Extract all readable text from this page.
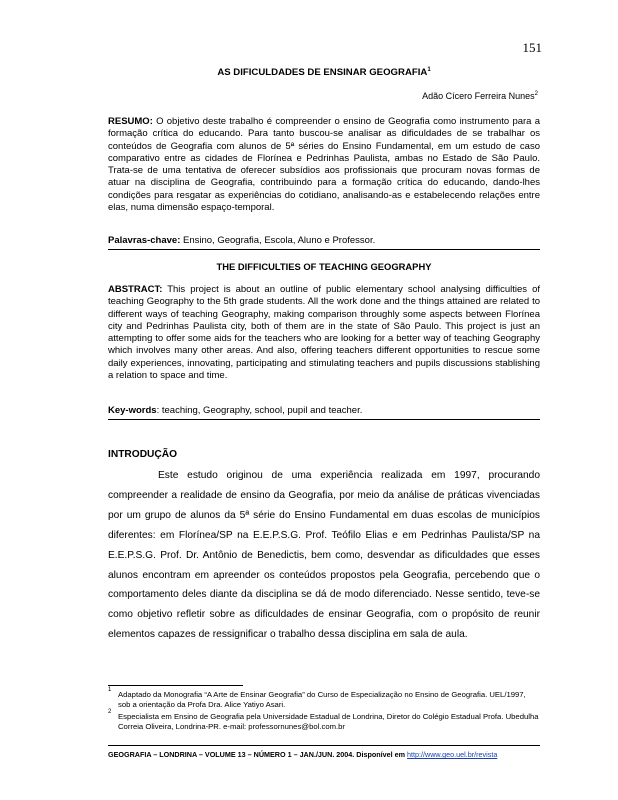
151
AS DIFICULDADES DE ENSINAR GEOGRAFIA$^1$
Adão Cícero Ferreira Nunes$^2$
RESUMO: O objetivo deste trabalho é compreender o ensino de Geografia como instrumento para a formação crítica do educando. Para tanto buscou-se analisar as dificuldades de se trabalhar os conteúdos de Geografia com alunos de 5ª séries do Ensino Fundamental, em um estudo de caso comparativo entre as cidades de Florínea e Pedrinhas Paulista, ambas no Estado de São Paulo. Trata-se de uma tentativa de oferecer subsídios aos profissionais que procuram novas formas de atuar na disciplina de Geografia, contribuindo para a formação crítica do educando, dando-lhes condições para resgatar as experiências do cotidiano, analisando-as e estabelecendo relações entre elas, numa dimensão espaço-temporal.
Palavras-chave: Ensino, Geografia, Escola, Aluno e Professor.
THE DIFFICULTIES OF TEACHING GEOGRAPHY
ABSTRACT: This project is about an outline of public elementary school analysing difficulties of teaching Geography to the 5th grade students. All the work done and the things attained are related to different ways of teaching Geography, making comparison throughly some aspects between Florínea city and Pedrinhas Paulista city, both of them are in the state of São Paulo. This project is just an attempting to offer some aids for the teachers who are looking for a better way of teaching Geography which involves many other areas. And also, offering teachers different opportunities to rescue some daily experiences, innovating, participating and stimulating teachers and pupils discussions stablishing a relation to space and time.
Key-words: teaching, Geography, school, pupil and teacher.
INTRODUÇÃO
Este estudo originou de uma experiência realizada em 1997, procurando compreender a realidade de ensino da Geografia, por meio da análise de práticas vivenciadas por um grupo de alunos da 5ª série do Ensino Fundamental em duas escolas de municípios diferentes: em Florínea/SP na E.E.P.S.G. Prof. Teófilo Elias e em Pedrinhas Paulista/SP na E.E.P.S.G. Prof. Dr. Antônio de Benedictis, bem como, desvendar as dificuldades que esses alunos encontram em apreender os conteúdos propostos pela Geografia, percebendo que o comportamento deles diante da disciplina se dá de modo diferenciado. Nesse sentido, teve-se como objetivo refletir sobre as dificuldades de ensinar Geografia, com o propósito de reunir elementos capazes de ressignificar o trabalho dessa disciplina em sala de aula.
1 Adaptado da Monografia “A Arte de Ensinar Geografia” do Curso de Especialização no Ensino de Geografia. UEL/1997, sob a orientação da Profa Dra. Alice Yatiyo Asari.
2 Especialista em Ensino de Geografia pela Universidade Estadual de Londrina, Diretor do Colégio Estadual Profa. Ubedulha Correia Oliveira, Londrina-PR. e-mail: professornunes@bol.com.br
GEOGRAFIA – LONDRINA – VOLUME 13 – NÚMERO 1 – JAN./JUN. 2004. Disponível em http://www.geo.uel.br/revista
